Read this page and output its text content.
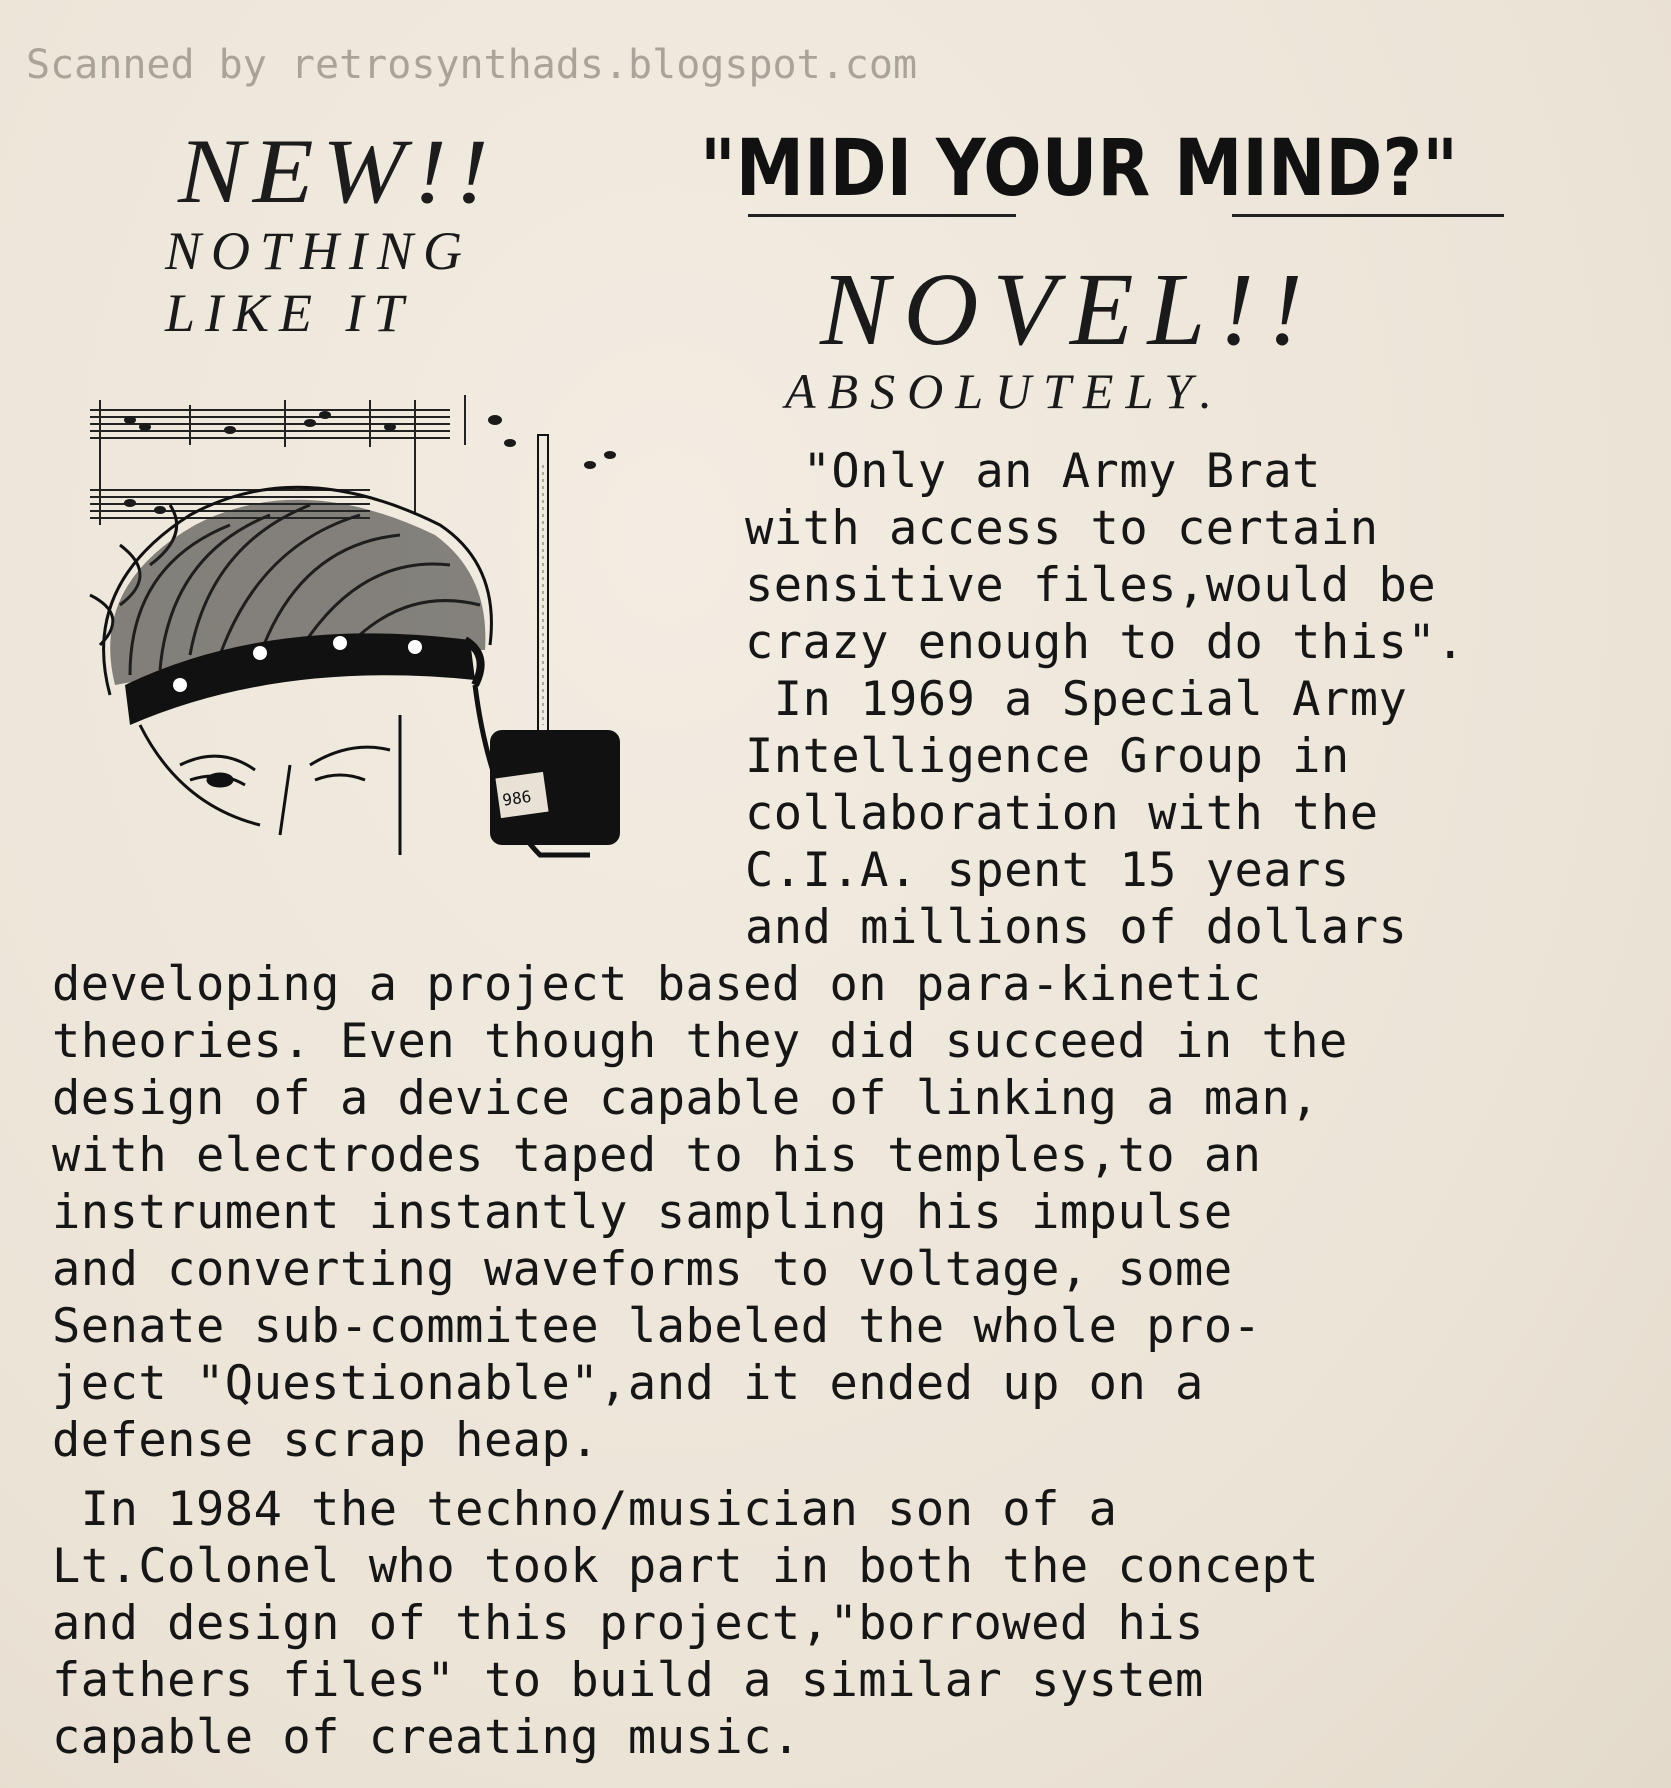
Scanned by retrosynthads.blogspot.com
NEW!!	"MIDI YOUR MIND?"
NOTHING
LIKE IT	NOVEL!!
ABSOLUTELY.
986
"Only an Army Brat
with access to certain
sensitive files,would be
crazy enough to do this".
In 1969 a Special Army
Intelligence Group in
collaboration with the
C.I.A. spent 15 years
and millions of dollars
developing a project based on para-kinetic
theories. Even though they did succeed in the
design of a device capable of linking a man,
with electrodes taped to his temples,to an
instrument instantly sampling his impulse
and converting waveforms to voltage, some
Senate sub-commitee labeled the whole pro-
ject "Questionable",and it ended up on a
defense scrap heap.
In 1984 the techno/musician son of a
Lt.Colonel who took part in both the concept
and design of this project,"borrowed his
fathers files" to build a similar system
capable of creating music.
